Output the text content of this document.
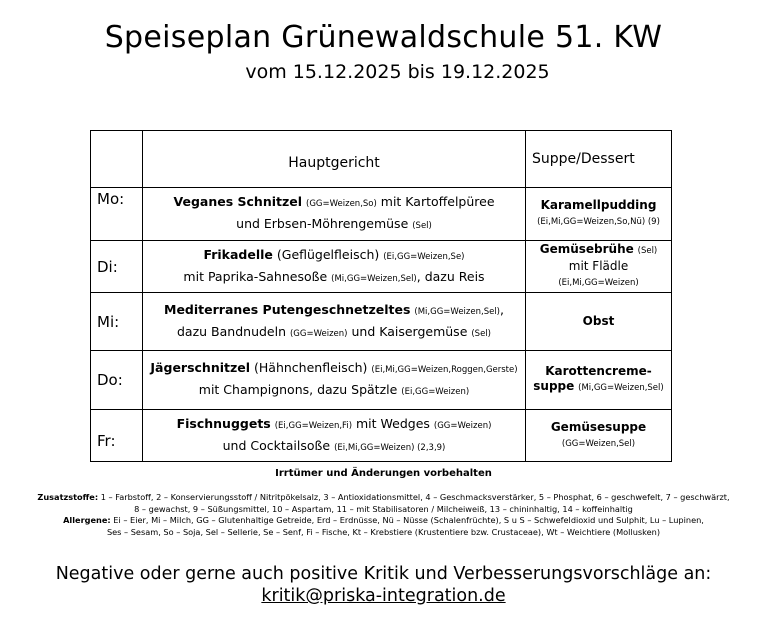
Speiseplan Grünewaldschule 51. KW
vom 15.12.2025 bis 19.12.2025
	Hauptgericht	Suppe/Dessert
Mo:	Veganes Schnitzel (GG=Weizen,So) mit Kartoffelpüree
und Erbsen-Möhrengemüse (Sel)	Karamellpudding
(Ei,Mi,GG=Weizen,So,Nü) (9)
Di:	Frikadelle (Geflügelfleisch) (Ei,GG=Weizen,Se)
mit Paprika-Sahnesoße (Mi,GG=Weizen,Sel), dazu Reis	Gemüsebrühe (Sel)
mit Flädle
(Ei,Mi,GG=Weizen)
Mi:	Mediterranes Putengeschnetzeltes (Mi,GG=Weizen,Sel),
dazu Bandnudeln (GG=Weizen) und Kaisergemüse (Sel)	Obst
Do:	Jägerschnitzel (Hähnchenfleisch) (Ei,Mi,GG=Weizen,Roggen,Gerste)
mit Champignons, dazu Spätzle (Ei,GG=Weizen)	Karottencreme-
suppe (Mi,GG=Weizen,Sel)
Fr:	Fischnuggets (Ei,GG=Weizen,Fi) mit Wedges (GG=Weizen)
und Cocktailsoße (Ei,Mi,GG=Weizen) (2,3,9)	Gemüsesuppe
(GG=Weizen,Sel)
Irrtümer und Änderungen vorbehalten
Zusatzstoffe: 1 – Farbstoff, 2 – Konservierungsstoff / Nitritpökelsalz, 3 – Antioxidationsmittel, 4 – Geschmacksverstärker, 5 – Phosphat, 6 – geschwefelt, 7 – geschwärzt,
8 – gewachst, 9 – Süßungsmittel, 10 – Aspartam, 11 – mit Stabilisatoren / Milcheiweiß, 13 – chininhaltig, 14 – koffeinhaltig
Allergene: Ei – Eier, Mi – Milch, GG – Glutenhaltige Getreide, Erd – Erdnüsse, Nü – Nüsse (Schalenfrüchte), S u S – Schwefeldioxid und Sulphit, Lu – Lupinen,
Ses – Sesam, So – Soja, Sel – Sellerie, Se – Senf, Fi – Fische, Kt – Krebstiere (Krustentiere bzw. Crustaceae), Wt – Weichtiere (Mollusken)
Negative oder gerne auch positive Kritik und Verbesserungsvorschläge an:
kritik@priska-integration.de
